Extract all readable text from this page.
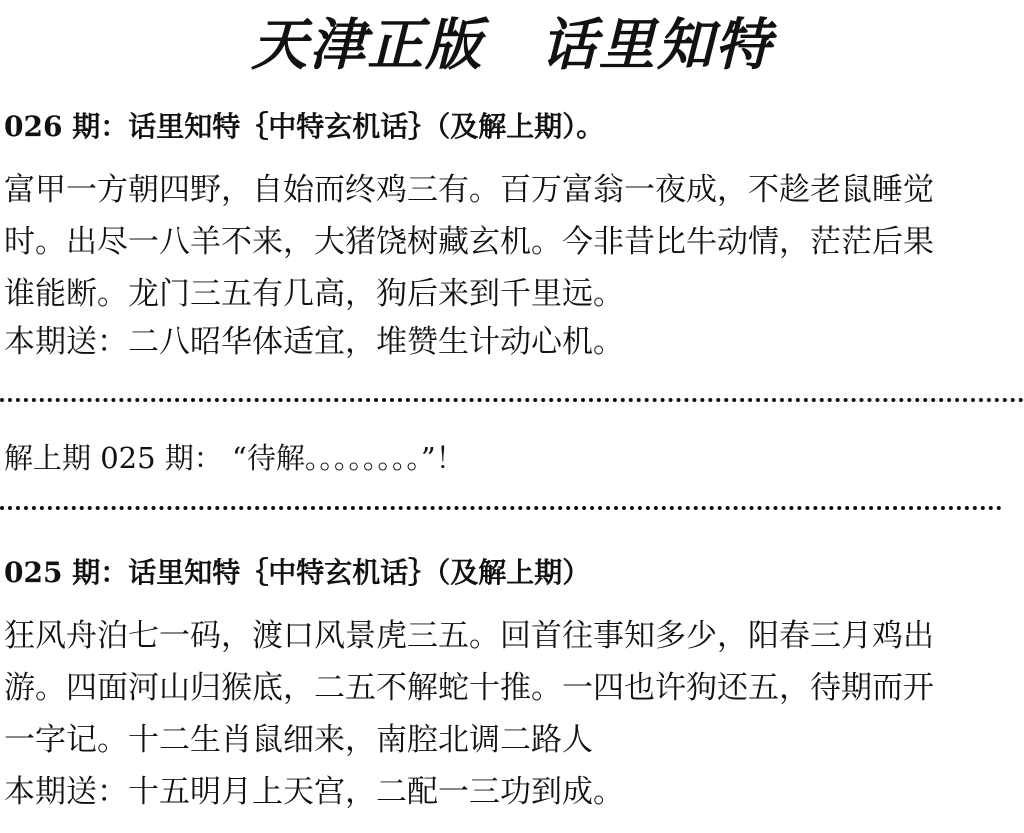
天津正版 话里知特
026 期：话里知特｛中特玄机话｝（及解上期）。
富甲一方朝四野，自始而终鸡三有。百万富翁一夜成，不趁老鼠睡觉
时。出尽一八羊不来，大猪饶树藏玄机。今非昔比牛动情，茫茫后果
谁能断。龙门三五有几高，狗后来到千里远。
本期送：二八昭华体适宜，堆赞生计动心机。
解上期 025 期： “待解。。。。。。。。”！
025 期：话里知特｛中特玄机话｝（及解上期）
狂风舟泊七一码，渡口风景虎三五。回首往事知多少，阳春三月鸡出
游。四面河山归猴底，二五不解蛇十推。一四也许狗还五，待期而开
一字记。十二生肖鼠细来，南腔北调二路人
本期送：十五明月上天宫，二配一三功到成。
